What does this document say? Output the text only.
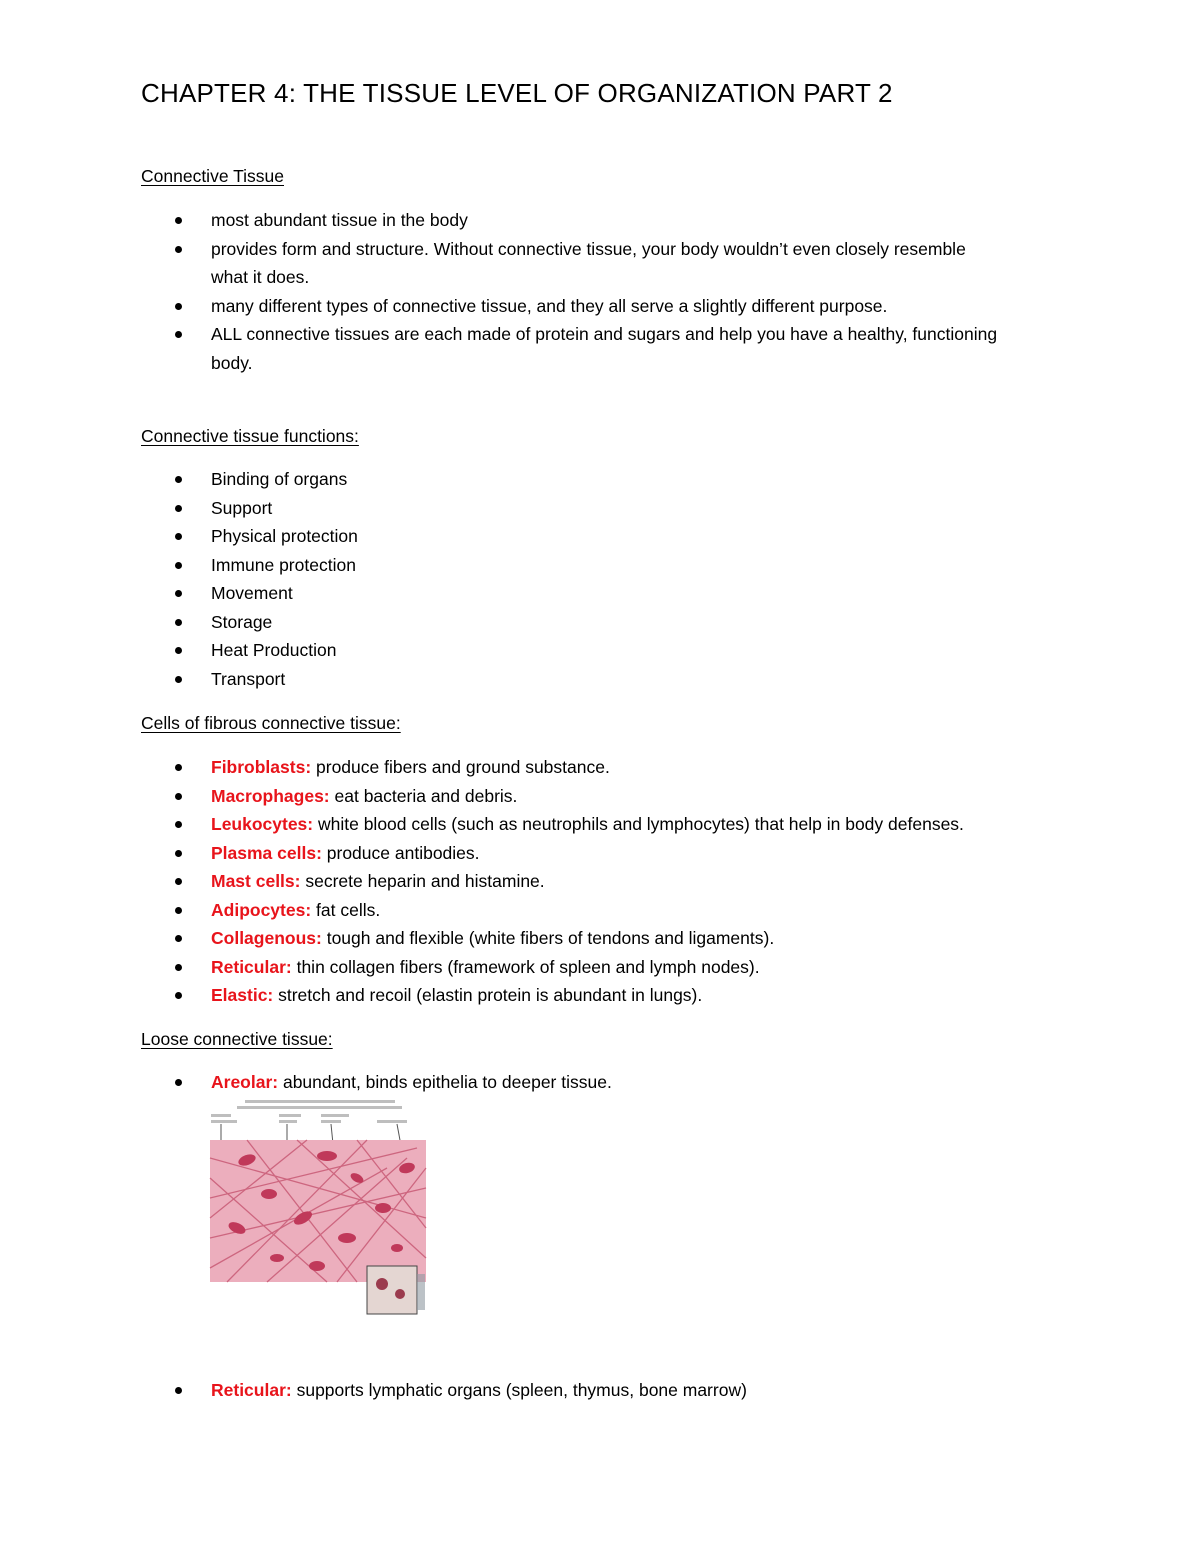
CHAPTER 4: THE TISSUE LEVEL OF ORGANIZATION PART 2

Connective Tissue

most abundant tissue in the body
provides form and structure. Without connective tissue, your body wouldn’t even closely resemble what it does.
many different types of connective tissue, and they all serve a slightly different purpose.
ALL connective tissues are each made of protein and sugars and help you have a healthy, functioning body.

Connective tissue functions:

Binding of organs
Support
Physical protection
Immune protection
Movement
Storage
Heat Production
Transport

Cells of fibrous connective tissue:

Fibroblasts: produce fibers and ground substance.
Macrophages: eat bacteria and debris.
Leukocytes: white blood cells (such as neutrophils and lymphocytes) that help in body defenses.
Plasma cells: produce antibodies.
Mast cells: secrete heparin and histamine.
Adipocytes: fat cells.
Collagenous: tough and flexible (white fibers of tendons and ligaments).
Reticular: thin collagen fibers (framework of spleen and lymph nodes).
Elastic: stretch and recoil (elastin protein is abundant in lungs).

Loose connective tissue:

Areolar: abundant, binds epithelia to deeper tissue.
Reticular: supports lymphatic organs (spleen, thymus, bone marrow)
